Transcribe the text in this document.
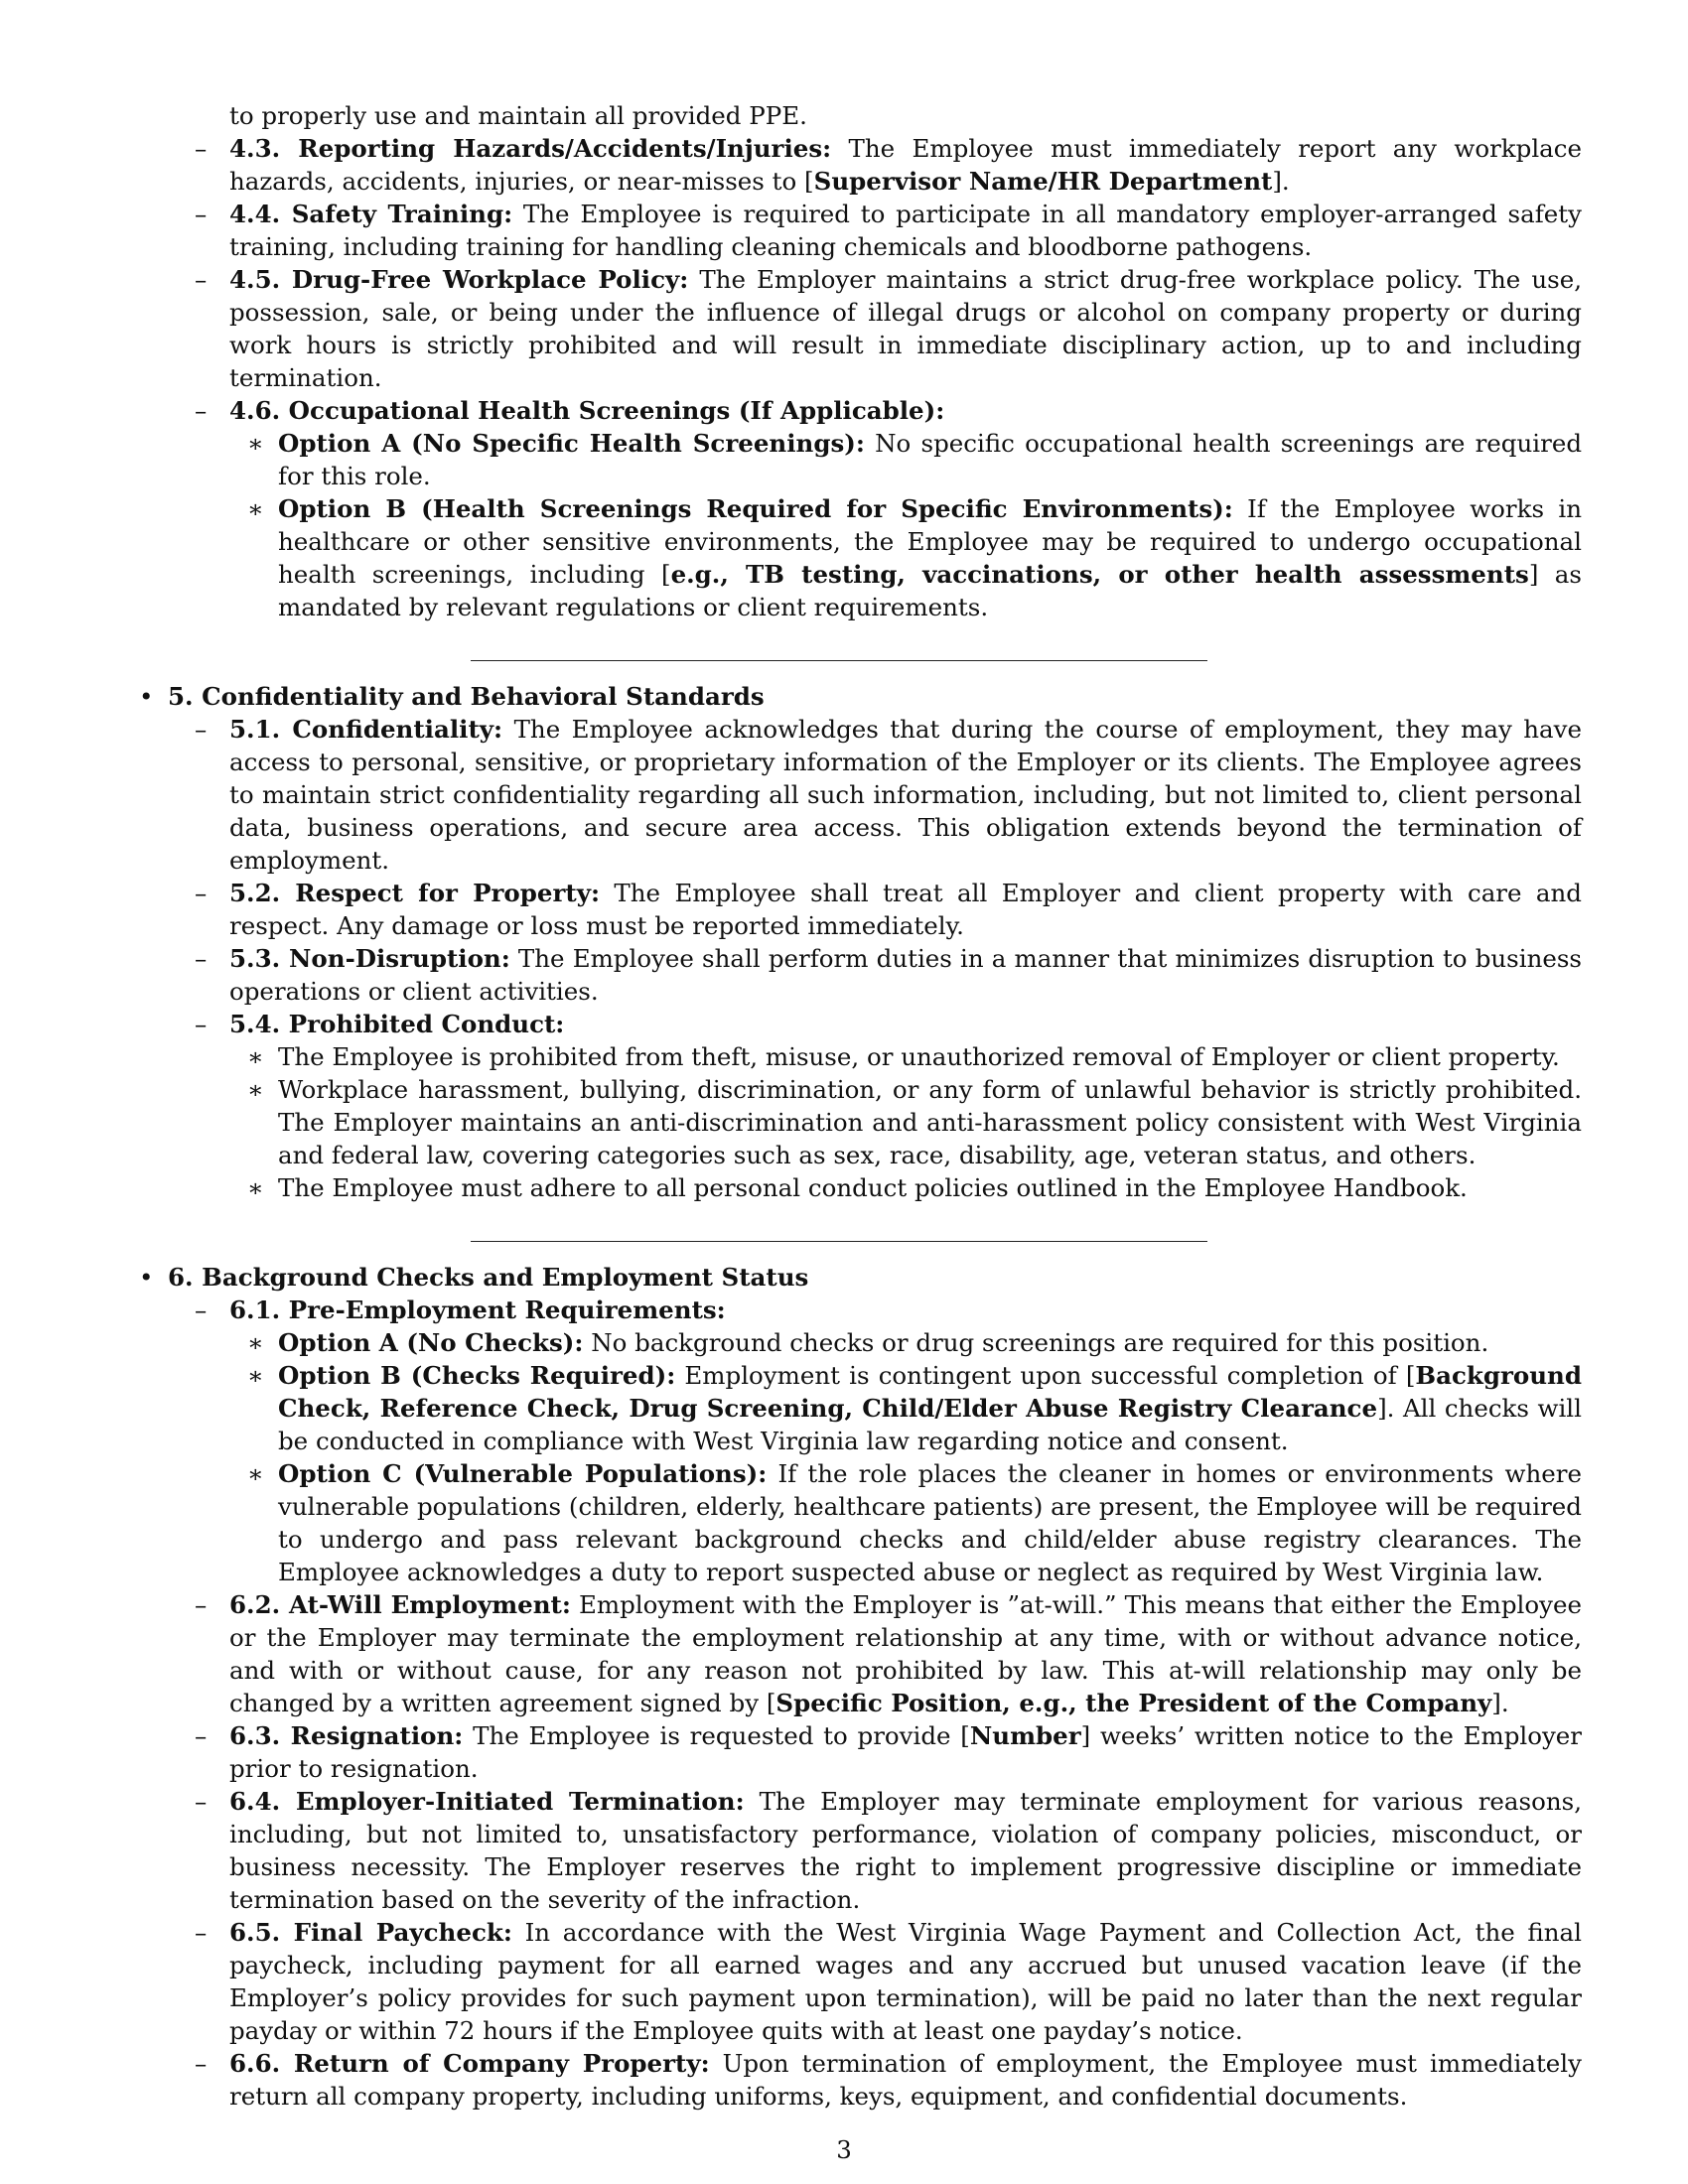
to properly use and maintain all provided PPE.

– 4.3. Reporting Hazards/Accidents/Injuries: The Employee must immediately report any workplace hazards, accidents, injuries, or near-misses to [Supervisor Name/HR Department].
– 4.4. Safety Training: The Employee is required to participate in all mandatory employer-arranged safety training, including training for handling cleaning chemicals and bloodborne pathogens.
– 4.5. Drug-Free Workplace Policy: The Employer maintains a strict drug-free workplace policy. The use, possession, sale, or being under the influence of illegal drugs or alcohol on company property or during work hours is strictly prohibited and will result in immediate disciplinary action, up to and including termination.
– 4.6. Occupational Health Screenings (If Applicable):
∗ Option A (No Specific Health Screenings): No specific occupational health screenings are required for this role.
∗ Option B (Health Screenings Required for Specific Environments): If the Employee works in healthcare or other sensitive environments, the Employee may be required to undergo occupational health screenings, including [e.g., TB testing, vaccinations, or other health assessments] as mandated by relevant regulations or client requirements.
• 5. Confidentiality and Behavioral Standards
– 5.1. Confidentiality: The Employee acknowledges that during the course of employment, they may have access to personal, sensitive, or proprietary information of the Employer or its clients. The Employee agrees to maintain strict confidentiality regarding all such information, including, but not limited to, client personal data, business operations, and secure area access. This obligation extends beyond the termination of employment.
– 5.2. Respect for Property: The Employee shall treat all Employer and client property with care and respect. Any damage or loss must be reported immediately.
– 5.3. Non-Disruption: The Employee shall perform duties in a manner that minimizes disruption to business operations or client activities.
– 5.4. Prohibited Conduct:
∗ The Employee is prohibited from theft, misuse, or unauthorized removal of Employer or client property.
∗ Workplace harassment, bullying, discrimination, or any form of unlawful behavior is strictly prohibited. The Employer maintains an anti-discrimination and anti-harassment policy consistent with West Virginia and federal law, covering categories such as sex, race, disability, age, veteran status, and others.
∗ The Employee must adhere to all personal conduct policies outlined in the Employee Handbook.
• 6. Background Checks and Employment Status
– 6.1. Pre-Employment Requirements:
∗ Option A (No Checks): No background checks or drug screenings are required for this position.
∗ Option B (Checks Required): Employment is contingent upon successful completion of [Background Check, Reference Check, Drug Screening, Child/Elder Abuse Registry Clearance]. All checks will be conducted in compliance with West Virginia law regarding notice and consent.
∗ Option C (Vulnerable Populations): If the role places the cleaner in homes or environments where vulnerable populations (children, elderly, healthcare patients) are present, the Employee will be required to undergo and pass relevant background checks and child/elder abuse registry clearances. The Employee acknowledges a duty to report suspected abuse or neglect as required by West Virginia law.
– 6.2. At-Will Employment: Employment with the Employer is ”at-will.” This means that either the Employee or the Employer may terminate the employment relationship at any time, with or without advance notice, and with or without cause, for any reason not prohibited by law. This at-will relationship may only be changed by a written agreement signed by [Specific Position, e.g., the President of the Company].
– 6.3. Resignation: The Employee is requested to provide [Number] weeks’ written notice to the Employer prior to resignation.
– 6.4. Employer-Initiated Termination: The Employer may terminate employment for various reasons, including, but not limited to, unsatisfactory performance, violation of company policies, misconduct, or business necessity. The Employer reserves the right to implement progressive discipline or immediate termination based on the severity of the infraction.
– 6.5. Final Paycheck: In accordance with the West Virginia Wage Payment and Collection Act, the final paycheck, including payment for all earned wages and any accrued but unused vacation leave (if the Employer’s policy provides for such payment upon termination), will be paid no later than the next regular payday or within 72 hours if the Employee quits with at least one payday’s notice.
– 6.6. Return of Company Property: Upon termination of employment, the Employee must immediately return all company property, including uniforms, keys, equipment, and confidential documents.
3
